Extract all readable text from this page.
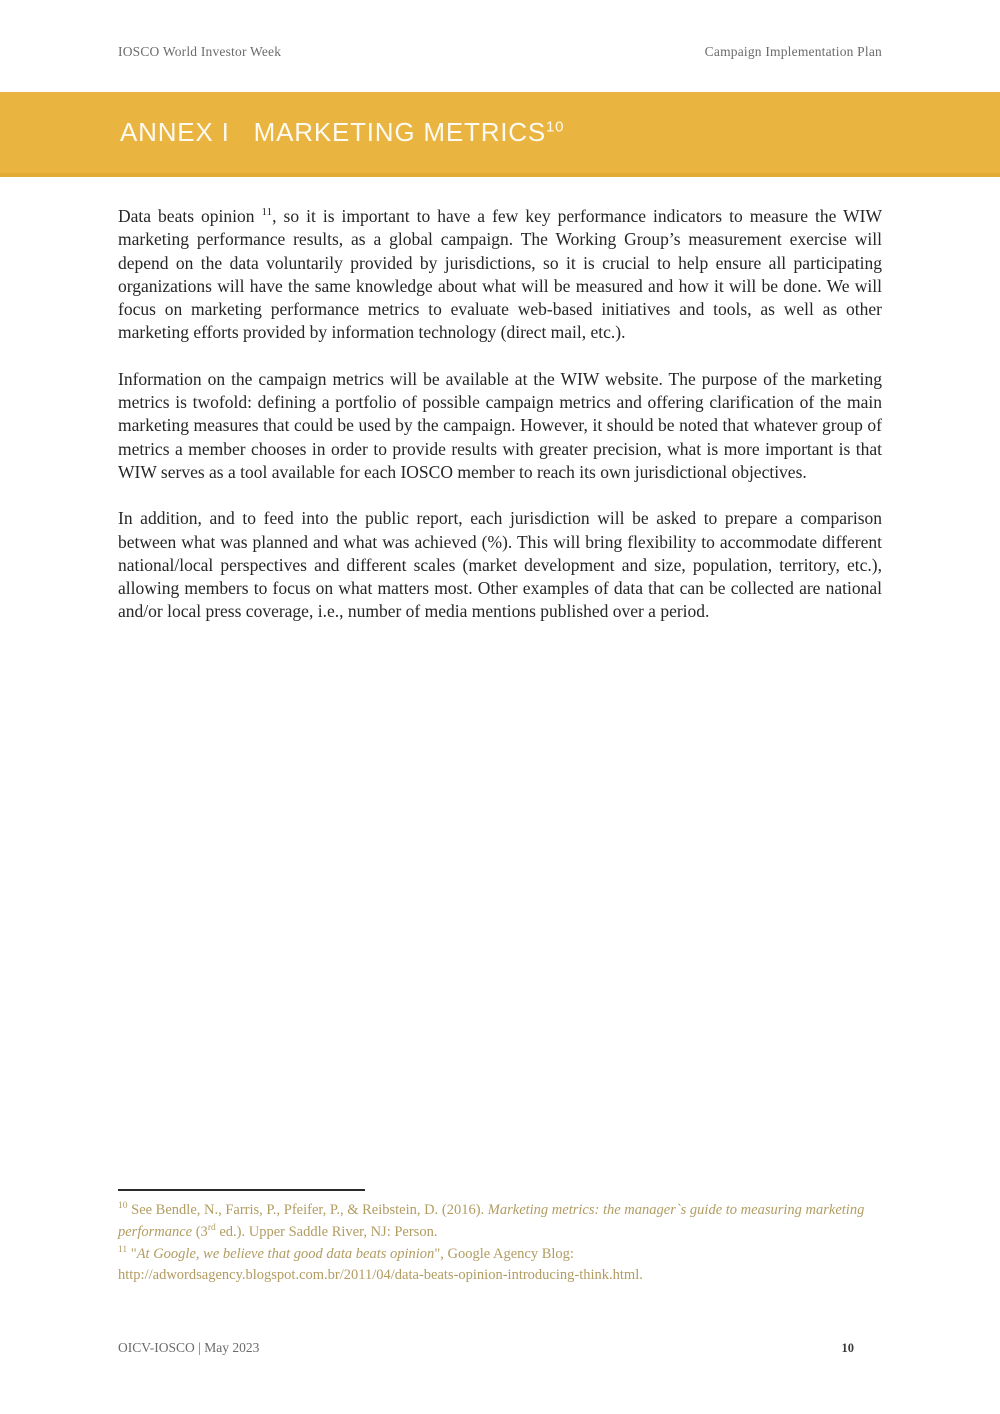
IOSCO World Investor Week	Campaign Implementation Plan
ANNEX I MARKETING METRICS$^{10}$

Data beats opinion $^{11}$, so it is important to have a few key performance indicators to measure the WIW marketing performance results, as a global campaign. The Working Group’s measurement exercise will depend on the data voluntarily provided by jurisdictions, so it is crucial to help ensure all participating organizations will have the same knowledge about what will be measured and how it will be done. We will focus on marketing performance metrics to evaluate web-based initiatives and tools, as well as other marketing efforts provided by information technology (direct mail, etc.).

Information on the campaign metrics will be available at the WIW website. The purpose of the marketing metrics is twofold: defining a portfolio of possible campaign metrics and offering clarification of the main marketing measures that could be used by the campaign. However, it should be noted that whatever group of metrics a member chooses in order to provide results with greater precision, what is more important is that WIW serves as a tool available for each IOSCO member to reach its own jurisdictional objectives.

In addition, and to feed into the public report, each jurisdiction will be asked to prepare a comparison between what was planned and what was achieved (%). This will bring flexibility to accommodate different national/local perspectives and different scales (market development and size, population, territory, etc.), allowing members to focus on what matters most. Other examples of data that can be collected are national and/or local press coverage, i.e., number of media mentions published over a period.

$^{10}$ See Bendle, N., Farris, P., Pfeifer, P., & Reibstein, D. (2016). Marketing metrics: the manager`s guide to measuring marketing performance (3rd ed.). Upper Saddle River, NJ: Person.

$^{11}$ "At Google, we believe that good data beats opinion", Google Agency Blog:
http://adwordsagency.blogspot.com.br/2011/04/data-beats-opinion-introducing-think.html.

OICV-IOSCO | May 2023	10
